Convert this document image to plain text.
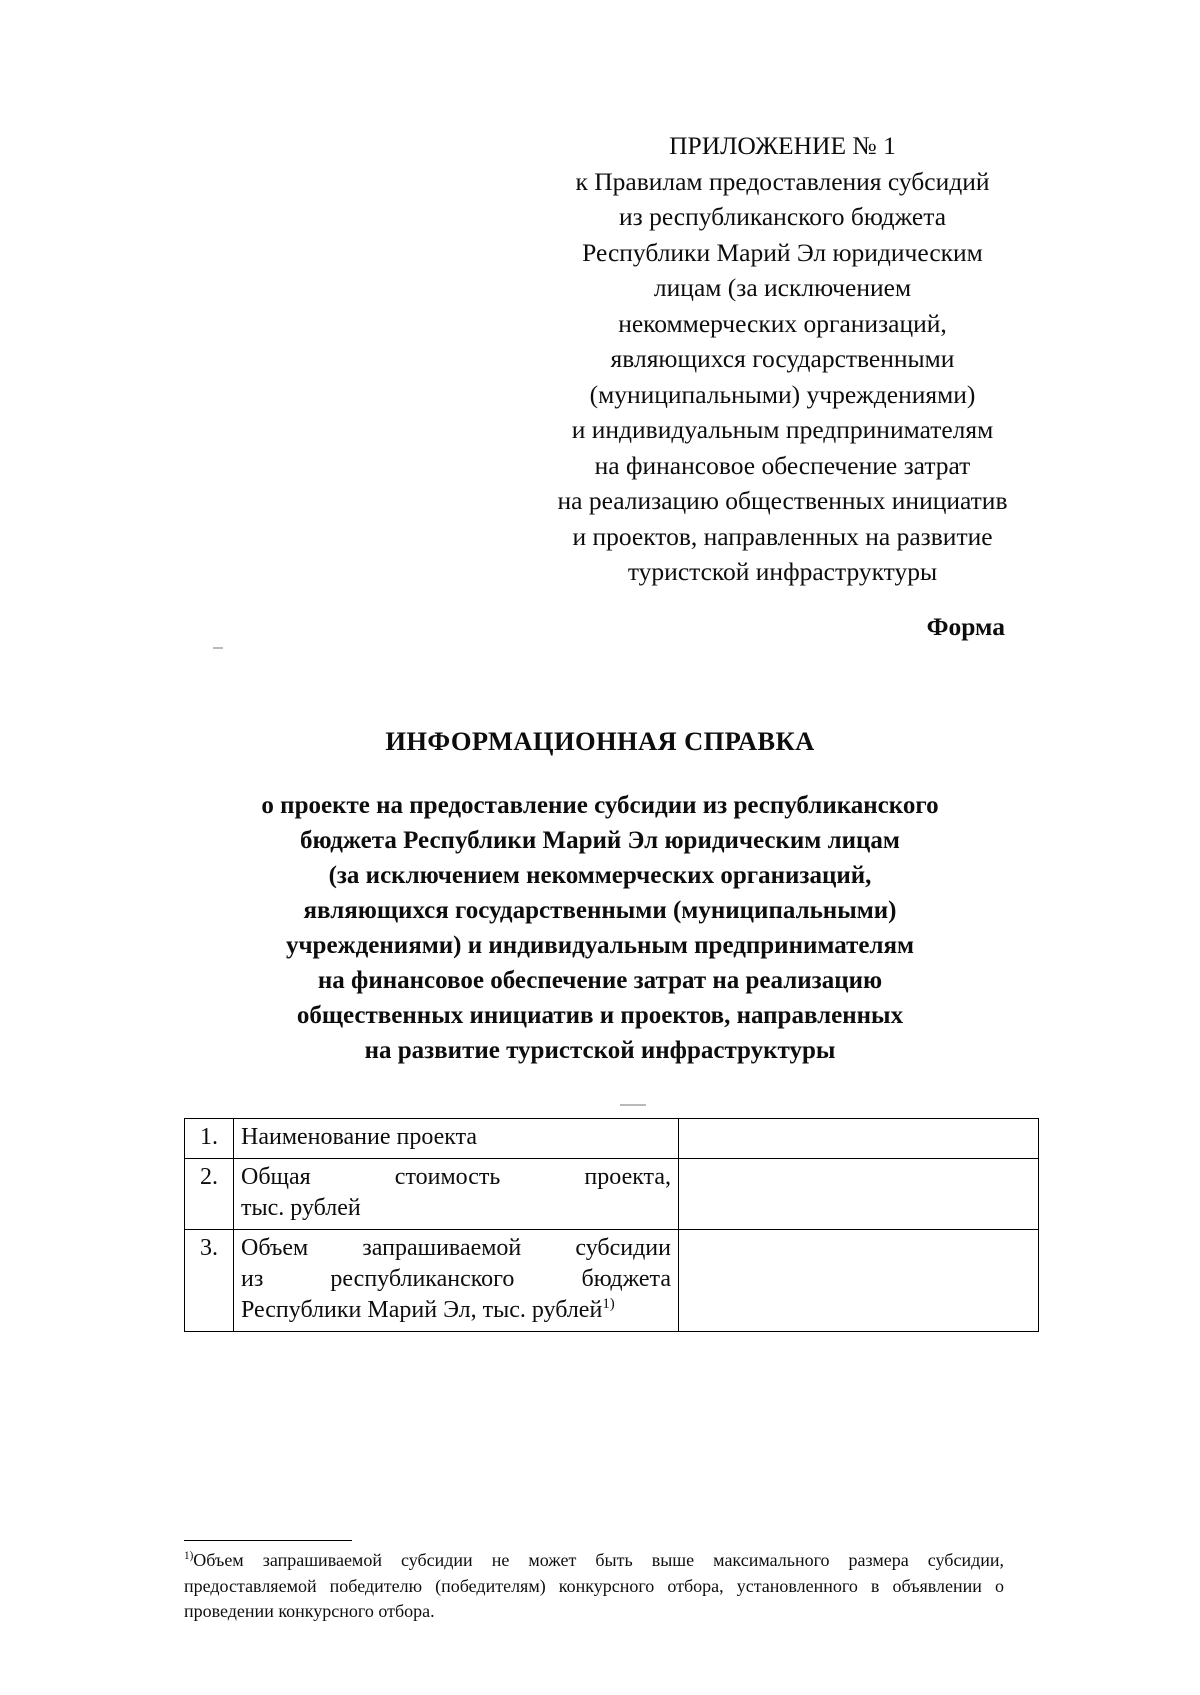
ПРИЛОЖЕНИЕ № 1
к Правилам предоставления субсидий
из республиканского бюджета
Республики Марий Эл юридическим
лицам (за исключением
некоммерческих организаций,
являющихся государственными
(муниципальными) учреждениями)
и индивидуальным предпринимателям
на финансовое обеспечение затрат
на реализацию общественных инициатив
и проектов, направленных на развитие
туристской инфраструктуры
Форма
ИНФОРМАЦИОННАЯ СПРАВКА
о проекте на предоставление субсидии из республиканского
бюджета Республики Марий Эл юридическим лицам
(за исключением некоммерческих организаций,
являющихся государственными (муниципальными)
учреждениями) и индивидуальным предпринимателям
на финансовое обеспечение затрат на реализацию
общественных инициатив и проектов, направленных
на развитие туристской инфраструктуры
1.	Наименование проекта	
2.	Общая стоимость проекта,
тыс. рублей	

3.	Объем запрашиваемой субсидии
из республиканского бюджета
Республики Марий Эл, тыс. рублей$^{1)}$

$^{1)}$Объем запрашиваемой субсидии не может быть выше максимального размера субсидии, предоставляемой победителю (победителям) конкурсного отбора, установленного в объявлении о проведении конкурсного отбора.
